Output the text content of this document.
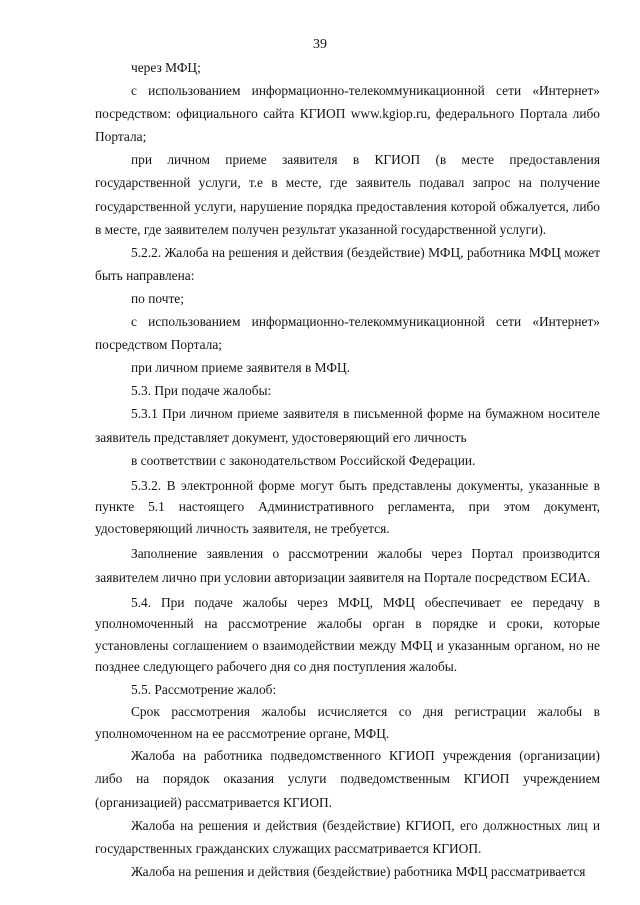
39

через МФЦ;

с использованием информационно-телекоммуникационной сети «Интернет» посредством: официального сайта КГИОП www.kgiop.ru, федерального Портала либо Портала;

при личном приеме заявителя в КГИОП (в месте предоставления государственной услуги, т.е в месте, где заявитель подавал запрос на получение государственной услуги, нарушение порядка предоставления которой обжалуется, либо в месте, где заявителем получен результат указанной государственной услуги).

5.2.2. Жалоба на решения и действия (бездействие) МФЦ, работника МФЦ может быть направлена:

по почте;

с использованием информационно-телекоммуникационной сети «Интернет» посредством Портала;

при личном приеме заявителя в МФЦ.

5.3. При подаче жалобы:

5.3.1 При личном приеме заявителя в письменной форме на бумажном носителе заявитель представляет документ, удостоверяющий его личность

в соответствии с законодательством Российской Федерации.

5.3.2. В электронной форме могут быть представлены документы, указанные в пункте 5.1 настоящего Административного регламента, при этом документ, удостоверяющий личность заявителя, не требуется.

Заполнение заявления о рассмотрении жалобы через Портал производится заявителем лично при условии авторизации заявителя на Портале посредством ЕСИА.

5.4. При подаче жалобы через МФЦ, МФЦ обеспечивает ее передачу в уполномоченный на рассмотрение жалобы орган в порядке и сроки, которые установлены соглашением о взаимодействии между МФЦ и указанным органом, но не позднее следующего рабочего дня со дня поступления жалобы.

5.5. Рассмотрение жалоб:

Срок рассмотрения жалобы исчисляется со дня регистрации жалобы в уполномоченном на ее рассмотрение органе, МФЦ.

Жалоба на работника подведомственного КГИОП учреждения (организации) либо на порядок оказания услуги подведомственным КГИОП учреждением (организацией) рассматривается КГИОП.

Жалоба на решения и действия (бездействие) КГИОП, его должностных лиц и государственных гражданских служащих рассматривается КГИОП.

Жалоба на решения и действия (бездействие) работника МФЦ рассматривается
